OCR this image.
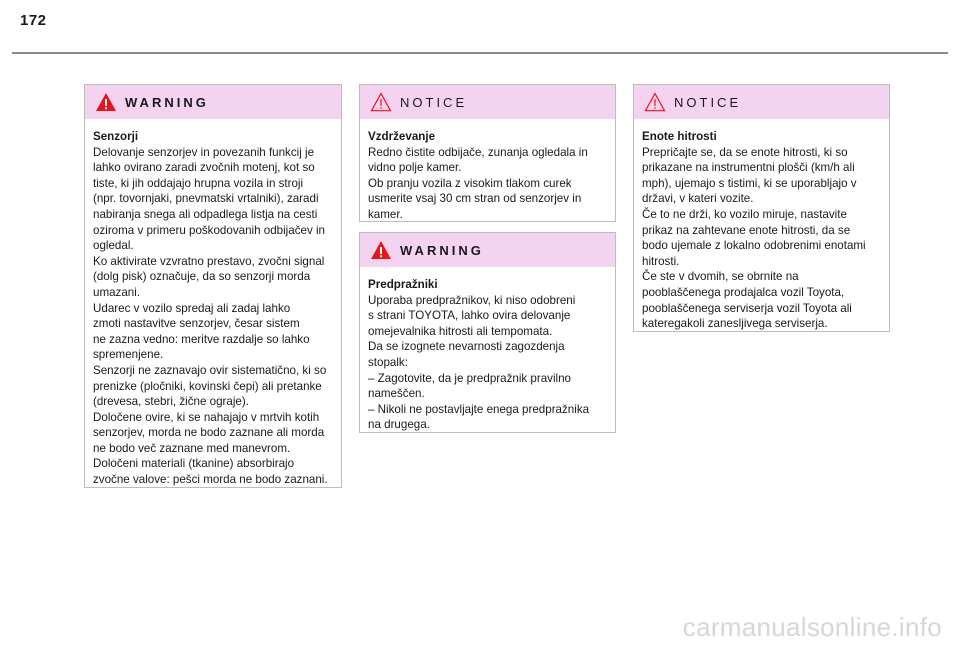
172
WARNING
Senzorji
Delovanje senzorjev in povezanih funkcij je
lahko ovirano zaradi zvočnih motenj, kot so
tiste, ki jih oddajajo hrupna vozila in stroji
(npr. tovornjaki, pnevmatski vrtalniki), zaradi
nabiranja snega ali odpadlega listja na cesti
oziroma v primeru poškodovanih odbijačev in
ogledal.
Ko aktivirate vzvratno prestavo, zvočni signal
(dolg pisk) označuje, da so senzorji morda
umazani.
Udarec v vozilo spredaj ali zadaj lahko
zmoti nastavitve senzorjev, česar sistem
ne zazna vedno: meritve razdalje so lahko
spremenjene.
Senzorji ne zaznavajo ovir sistematično, ki so
prenizke (pločniki, kovinski čepi) ali pretanke
(drevesa, stebri, žične ograje).
Določene ovire, ki se nahajajo v mrtvih kotih
senzorjev, morda ne bodo zaznane ali morda
ne bodo več zaznane med manevrom.
Določeni materiali (tkanine) absorbirajo
zvočne valove: pešci morda ne bodo zaznani.
NOTICE
Vzdrževanje
Redno čistite odbijače, zunanja ogledala in
vidno polje kamer.
Ob pranju vozila z visokim tlakom curek
usmerite vsaj 30 cm stran od senzorjev in
kamer.
WARNING
Predpražniki
Uporaba predpražnikov, ki niso odobreni
s strani TOYOTA, lahko ovira delovanje
omejevalnika hitrosti ali tempomata.
Da se izognete nevarnosti zagozdenja
stopalk:
– Zagotovite, da je predpražnik pravilno
nameščen.
– Nikoli ne postavljajte enega predpražnika
na drugega.
NOTICE
Enote hitrosti
Prepričajte se, da se enote hitrosti, ki so
prikazane na instrumentni plošči (km/h ali
mph), ujemajo s tistimi, ki se uporabljajo v
državi, v kateri vozite.
Če to ne drži, ko vozilo miruje, nastavite
prikaz na zahtevane enote hitrosti, da se
bodo ujemale z lokalno odobrenimi enotami
hitrosti.
Če ste v dvomih, se obrnite na
pooblaščenega prodajalca vozil Toyota,
pooblaščenega serviserja vozil Toyota ali
kateregakoli zanesljivega serviserja.
carmanualsonline.info
